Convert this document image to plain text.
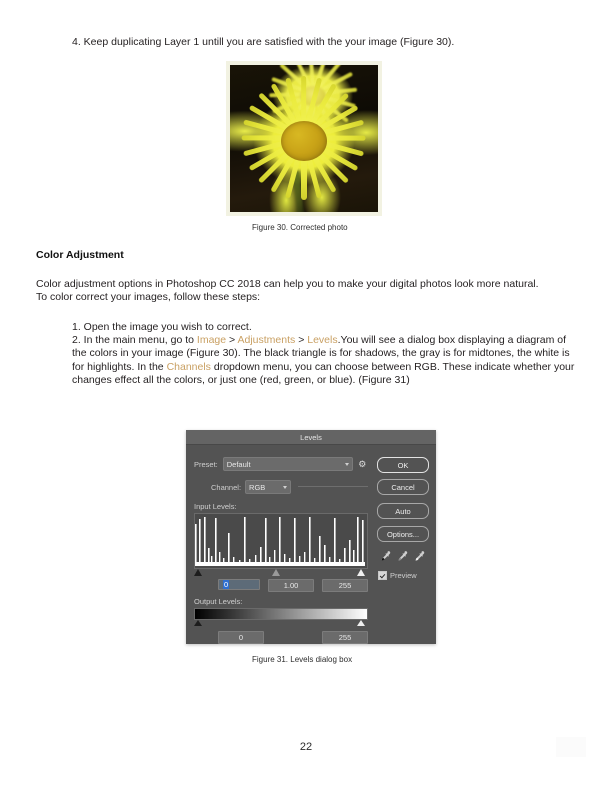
4. Keep duplicating Layer 1 untill you are satisfied with the your image (Figure 30).
Figure 30. Corrected photo
Color Adjustment
Color adjustment options in Photoshop CC 2018 can help you to make your digital photos look more natural.
To color correct your images, follow these steps:
1. Open the image you wish to correct.
2. In the main menu, go to Image > Adjustments > Levels.You will see a dialog box displaying a diagram of the colors in your image (Figure 30). The black triangle is for shadows, the gray is for midtones, the white is for highlights. In the Channels dropdown menu, you can choose between RGB. These indicate whether your changes effect all the colors, or just one (red, green, or blue). (Figure 31)
Levels
Preset: Default	⚙
Channel: RGB
Input Levels:
0	1.00	255
Output Levels:
0	255
OK
Cancel
Auto
Options...
Preview
Figure 31. Levels dialog box
22
